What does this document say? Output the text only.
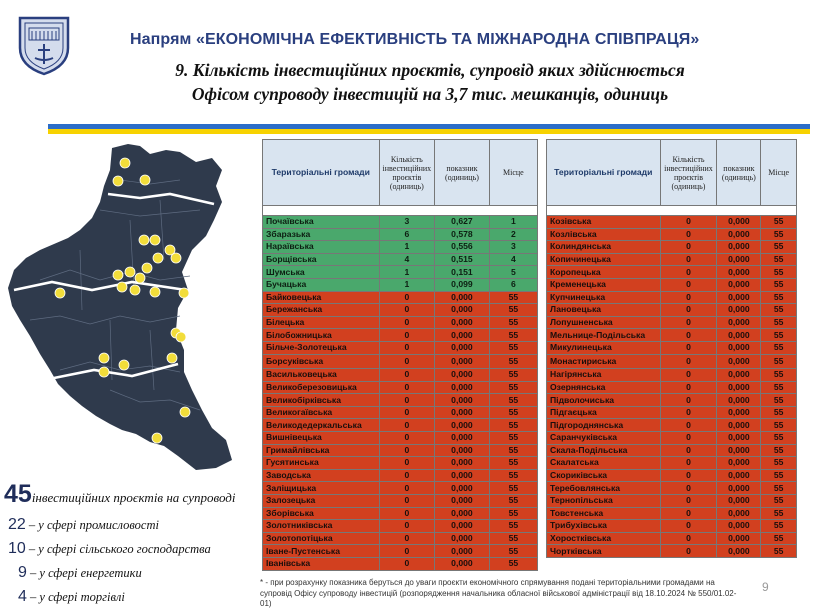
Напрям «ЕКОНОМІЧНА ЕФЕКТИВНІСТЬ ТА МІЖНАРОДНА СПІВПРАЦЯ»
9. Кількість інвестиційних проєктів, супровід яких здійснюється
Офісом супроводу інвестицій на 3,7 тис. мешканців, одиниць
45інвестиційних проєктів на супроводі
22 – у сфері промисловості
10 – у сфері сільського господарства
9 – у сфері енергетики
4 – у сфері торгівлі
Територіальні громади	Кількість інвестиційних проєктів (одиниць)	показник (одиниць)	Місце

Почаївська	3	0,627	1
Збаразька	6	0,578	2
Нараївська	1	0,556	3
Борщівська	4	0,515	4
Шумська	1	0,151	5
Бучацька	1	0,099	6
Байковецька	0	0,000	55
Бережанська	0	0,000	55
Білецька	0	0,000	55
Білобожницька	0	0,000	55
Більче-Золотецька	0	0,000	55
Борсуківська	0	0,000	55
Васильковецька	0	0,000	55
Великоберезовицька	0	0,000	55
Великобірківська	0	0,000	55
Великогаївська	0	0,000	55
Великодедеркальська	0	0,000	55
Вишнівецька	0	0,000	55
Гримайлівська	0	0,000	55
Гусятинська	0	0,000	55
Заводська	0	0,000	55
Заліщицька	0	0,000	55
Залозецька	0	0,000	55
Зборівська	0	0,000	55
Золотниківська	0	0,000	55
Золотопотіцька	0	0,000	55
Іване-Пустенська	0	0,000	55
Іванівська	0	0,000	55
Територіальні громади	Кількість інвестиційних проєктів (одиниць)	показник (одиниць)	Місце

Козівська	0	0,000	55
Козлівська	0	0,000	55
Колиндянська	0	0,000	55
Копичинецька	0	0,000	55
Коропецька	0	0,000	55
Кременецька	0	0,000	55
Купчинецька	0	0,000	55
Лановецька	0	0,000	55
Лопушненська	0	0,000	55
Мельнице-Подільська	0	0,000	55
Микулинецька	0	0,000	55
Монастириська	0	0,000	55
Нагірянська	0	0,000	55
Озернянська	0	0,000	55
Підволочиська	0	0,000	55
Підгаєцька	0	0,000	55
Підгороднянська	0	0,000	55
Саранчуківська	0	0,000	55
Скала-Подільська	0	0,000	55
Скалатська	0	0,000	55
Скориківська	0	0,000	55
Теребовлянська	0	0,000	55
Тернопільська	0	0,000	55
Товстенська	0	0,000	55
Трибухівська	0	0,000	55
Хоростківська	0	0,000	55
Чортківська	0	0,000	55
* - при розрахунку показника беруться до уваги проєкти економічного спрямування подані територіальними громадами на супровід Офісу супроводу інвестицій (розпорядження начальника обласної військової адміністрації від 18.10.2024 № 550/01.02-01)
9
